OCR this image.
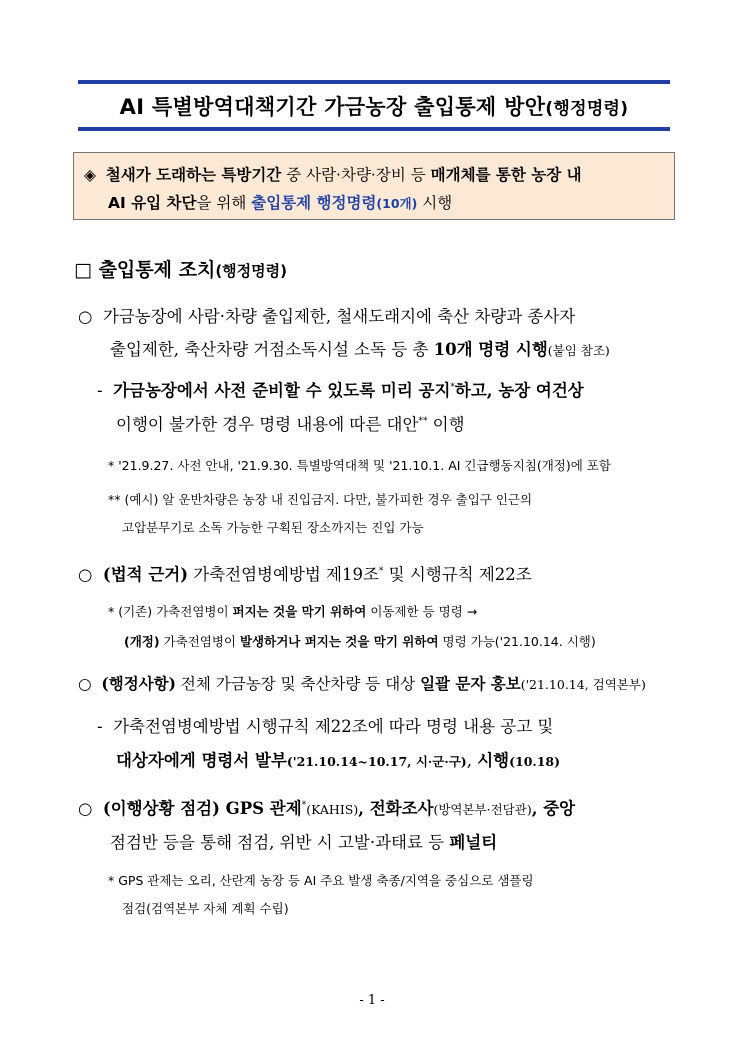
AI 특별방역대책기간 가금농장 출입통제 방안(행정명령)
◈ 철새가 도래하는 특방기간 중 사람·차량·장비 등 매개체를 통한 농장 내
AI 유입 차단을 위해 출입통제 행정명령(10개) 시행
□ 출입통제 조치(행정명령)
○ 가금농장에 사람·차량 출입제한, 철새도래지에 축산 차량과 종사자
출입제한, 축산차량 거점소독시설 소독 등 총 10개 명령 시행(붙임 참조)
- 가금농장에서 사전 준비할 수 있도록 미리 공지*하고, 농장 여건상
이행이 불가한 경우 명령 내용에 따른 대안** 이행
* '21.9.27. 사전 안내, '21.9.30. 특별방역대책 및 '21.10.1. AI 긴급행동지침(개정)에 포함
** (예시) 알 운반차량은 농장 내 진입금지. 다만, 불가피한 경우 출입구 인근의
고압분무기로 소독 가능한 구획된 장소까지는 진입 가능
○ (법적 근거) 가축전염병예방법 제19조* 및 시행규칙 제22조
* (기존) 가축전염병이 퍼지는 것을 막기 위하여 이동제한 등 명령 →
(개정) 가축전염병이 발생하거나 퍼지는 것을 막기 위하여 명령 가능('21.10.14. 시행)
○ (행정사항) 전체 가금농장 및 축산차량 등 대상 일괄 문자 홍보('21.10.14, 검역본부)
- 가축전염병예방법 시행규칙 제22조에 따라 명령 내용 공고 및
대상자에게 명령서 발부('21.10.14~10.17, 시·군·구), 시행(10.18)
○ (이행상황 점검) GPS 관제*(KAHIS), 전화조사(방역본부·전담관), 중앙
점검반 등을 통해 점검, 위반 시 고발·과태료 등 페널티
* GPS 관제는 오리, 산란계 농장 등 AI 주요 발생 축종/지역을 중심으로 샘플링
점검(검역본부 자체 계획 수립)
- 1 -
